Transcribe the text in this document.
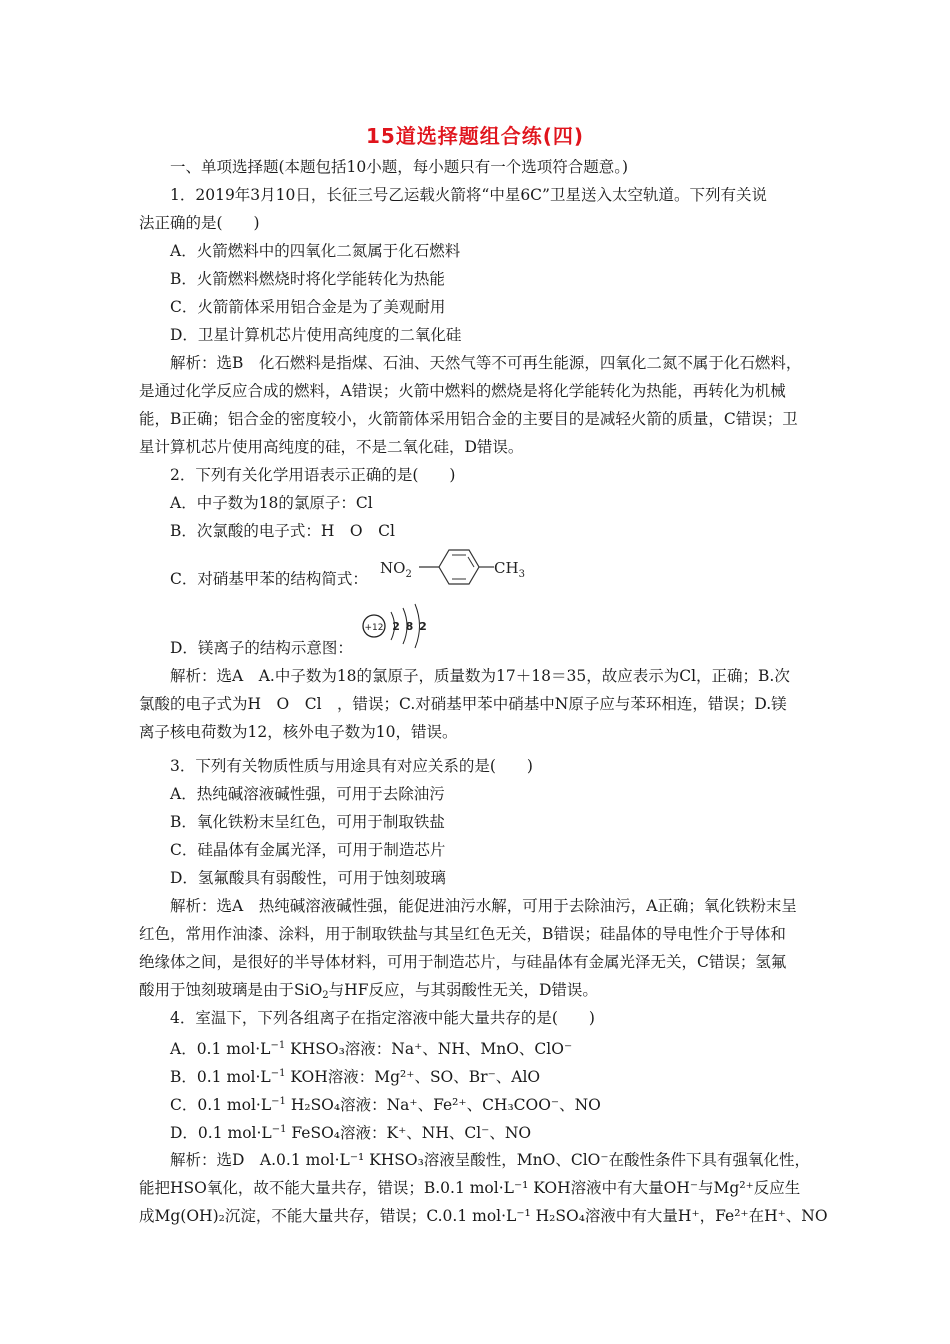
15道选择题组合练(四)
一、单项选择题(本题包括10小题，每小题只有一个选项符合题意。)
1．2019年3月10日，长征三号乙运载火箭将“中星6C”卫星送入太空轨道。下列有关说
法正确的是(　　)
A．火箭燃料中的四氧化二氮属于化石燃料
B．火箭燃料燃烧时将化学能转化为热能
C．火箭箭体采用铝合金是为了美观耐用
D．卫星计算机芯片使用高纯度的二氧化硅
解析：选B　化石燃料是指煤、石油、天然气等不可再生能源，四氧化二氮不属于化石燃料，
是通过化学反应合成的燃料，A错误；火箭中燃料的燃烧是将化学能转化为热能，再转化为机械
能，B正确；铝合金的密度较小，火箭箭体采用铝合金的主要目的是减轻火箭的质量，C错误；卫
星计算机芯片使用高纯度的硅，不是二氧化硅，D错误。
2．下列有关化学用语表示正确的是(　　)
A．中子数为18的氯原子：Cl
B．次氯酸的电子式：H　O　Cl
C．对硝基甲苯的结构简式：
$NO_2$	$CH_3$
D．镁离子的结构示意图：
+12 2 8 2
解析：选A　A.中子数为18的氯原子，质量数为17＋18＝35，故应表示为Cl，正确；B.次
氯酸的电子式为H　O　Cl　，错误；C.对硝基甲苯中硝基中N原子应与苯环相连，错误；D.镁
离子核电荷数为12，核外电子数为10，错误。
3．下列有关物质性质与用途具有对应关系的是(　　)
A．热纯碱溶液碱性强，可用于去除油污
B．氧化铁粉末呈红色，可用于制取铁盐
C．硅晶体有金属光泽，可用于制造芯片
D．氢氟酸具有弱酸性，可用于蚀刻玻璃
解析：选A　热纯碱溶液碱性强，能促进油污水解，可用于去除油污，A正确；氧化铁粉末呈
红色，常用作油漆、涂料，用于制取铁盐与其呈红色无关，B错误；硅晶体的导电性介于导体和
绝缘体之间，是很好的半导体材料，可用于制造芯片，与硅晶体有金属光泽无关，C错误；氢氟
酸用于蚀刻玻璃是由于SiO$_2$与HF反应，与其弱酸性无关，D错误。
4．室温下，下列各组离子在指定溶液中能大量共存的是(　　)
A．0.1 $mol\cdot L^{-1}$ KHSO₃溶液：Na⁺、NH、MnO、ClO⁻
B．0.1 $mol\cdot L^{-1}$ KOH溶液：Mg²⁺、SO、Br⁻、AlO
C．0.1 $mol\cdot L^{-1}$ H₂SO₄溶液：Na⁺、Fe²⁺、CH₃COO⁻、NO
D．0.1 $mol\cdot L^{-1}$ FeSO₄溶液：K⁺、NH、Cl⁻、NO
解析：选D　A.0.1 mol·L⁻¹ KHSO₃溶液呈酸性，MnO、ClO⁻在酸性条件下具有强氧化性，
能把HSO氧化，故不能大量共存，错误；B.0.1 mol·L⁻¹ KOH溶液中有大量OH⁻与Mg²⁺反应生
成Mg(OH)₂沉淀，不能大量共存，错误；C.0.1 mol·L⁻¹ H₂SO₄溶液中有大量H⁺，Fe²⁺在H⁺、NO
